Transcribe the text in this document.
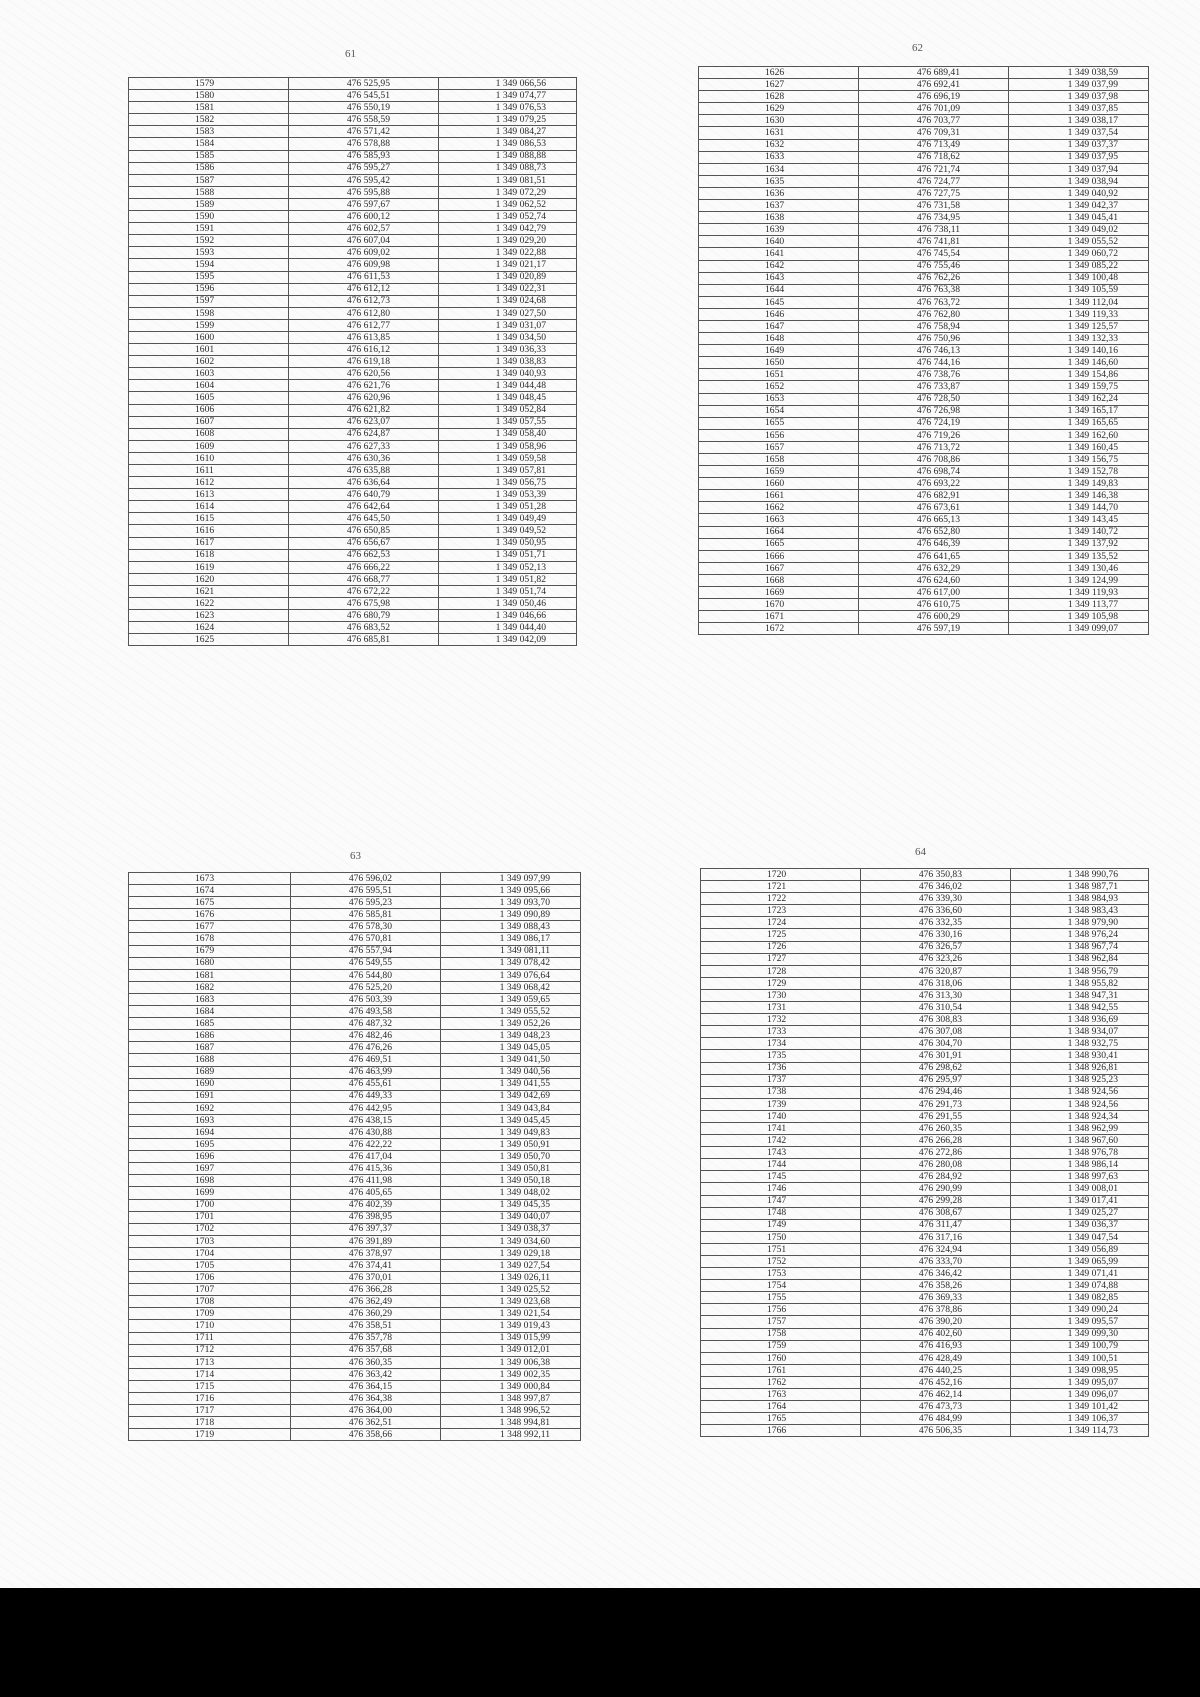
61
1579	476 525,95	1 349 066,56
1580	476 545,51	1 349 074,77
1581	476 550,19	1 349 076,53
1582	476 558,59	1 349 079,25
1583	476 571,42	1 349 084,27
1584	476 578,88	1 349 086,53
1585	476 585,93	1 349 088,88
1586	476 595,27	1 349 088,73
1587	476 595,42	1 349 081,51
1588	476 595,88	1 349 072,29
1589	476 597,67	1 349 062,52
1590	476 600,12	1 349 052,74
1591	476 602,57	1 349 042,79
1592	476 607,04	1 349 029,20
1593	476 609,02	1 349 022,88
1594	476 609,98	1 349 021,17
1595	476 611,53	1 349 020,89
1596	476 612,12	1 349 022,31
1597	476 612,73	1 349 024,68
1598	476 612,80	1 349 027,50
1599	476 612,77	1 349 031,07
1600	476 613,85	1 349 034,50
1601	476 616,12	1 349 036,33
1602	476 619,18	1 349 038,83
1603	476 620,56	1 349 040,93
1604	476 621,76	1 349 044,48
1605	476 620,96	1 349 048,45
1606	476 621,82	1 349 052,84
1607	476 623,07	1 349 057,55
1608	476 624,87	1 349 058,40
1609	476 627,33	1 349 058,96
1610	476 630,36	1 349 059,58
1611	476 635,88	1 349 057,81
1612	476 636,64	1 349 056,75
1613	476 640,79	1 349 053,39
1614	476 642,64	1 349 051,28
1615	476 645,50	1 349 049,49
1616	476 650,85	1 349 049,52
1617	476 656,67	1 349 050,95
1618	476 662,53	1 349 051,71
1619	476 666,22	1 349 052,13
1620	476 668,77	1 349 051,82
1621	476 672,22	1 349 051,74
1622	476 675,98	1 349 050,46
1623	476 680,79	1 349 046,66
1624	476 683,52	1 349 044,40
1625	476 685,81	1 349 042,09
62
1626	476 689,41	1 349 038,59
1627	476 692,41	1 349 037,99
1628	476 696,19	1 349 037,98
1629	476 701,09	1 349 037,85
1630	476 703,77	1 349 038,17
1631	476 709,31	1 349 037,54
1632	476 713,49	1 349 037,37
1633	476 718,62	1 349 037,95
1634	476 721,74	1 349 037,94
1635	476 724,77	1 349 038,94
1636	476 727,75	1 349 040,92
1637	476 731,58	1 349 042,37
1638	476 734,95	1 349 045,41
1639	476 738,11	1 349 049,02
1640	476 741,81	1 349 055,52
1641	476 745,54	1 349 060,72
1642	476 755,46	1 349 085,22
1643	476 762,26	1 349 100,48
1644	476 763,38	1 349 105,59
1645	476 763,72	1 349 112,04
1646	476 762,80	1 349 119,33
1647	476 758,94	1 349 125,57
1648	476 750,96	1 349 132,33
1649	476 746,13	1 349 140,16
1650	476 744,16	1 349 146,60
1651	476 738,76	1 349 154,86
1652	476 733,87	1 349 159,75
1653	476 728,50	1 349 162,24
1654	476 726,98	1 349 165,17
1655	476 724,19	1 349 165,65
1656	476 719,26	1 349 162,60
1657	476 713,72	1 349 160,45
1658	476 708,86	1 349 156,75
1659	476 698,74	1 349 152,78
1660	476 693,22	1 349 149,83
1661	476 682,91	1 349 146,38
1662	476 673,61	1 349 144,70
1663	476 665,13	1 349 143,45
1664	476 652,80	1 349 140,72
1665	476 646,39	1 349 137,92
1666	476 641,65	1 349 135,52
1667	476 632,29	1 349 130,46
1668	476 624,60	1 349 124,99
1669	476 617,00	1 349 119,93
1670	476 610,75	1 349 113,77
1671	476 600,29	1 349 105,98
1672	476 597,19	1 349 099,07
63
1673	476 596,02	1 349 097,99
1674	476 595,51	1 349 095,66
1675	476 595,23	1 349 093,70
1676	476 585,81	1 349 090,89
1677	476 578,30	1 349 088,43
1678	476 570,81	1 349 086,17
1679	476 557,94	1 349 081,11
1680	476 549,55	1 349 078,42
1681	476 544,80	1 349 076,64
1682	476 525,20	1 349 068,42
1683	476 503,39	1 349 059,65
1684	476 493,58	1 349 055,52
1685	476 487,32	1 349 052,26
1686	476 482,46	1 349 048,23
1687	476 476,26	1 349 045,05
1688	476 469,51	1 349 041,50
1689	476 463,99	1 349 040,56
1690	476 455,61	1 349 041,55
1691	476 449,33	1 349 042,69
1692	476 442,95	1 349 043,84
1693	476 438,15	1 349 045,45
1694	476 430,88	1 349 049,83
1695	476 422,22	1 349 050,91
1696	476 417,04	1 349 050,70
1697	476 415,36	1 349 050,81
1698	476 411,98	1 349 050,18
1699	476 405,65	1 349 048,02
1700	476 402,39	1 349 045,35
1701	476 398,95	1 349 040,07
1702	476 397,37	1 349 038,37
1703	476 391,89	1 349 034,60
1704	476 378,97	1 349 029,18
1705	476 374,41	1 349 027,54
1706	476 370,01	1 349 026,11
1707	476 366,28	1 349 025,52
1708	476 362,49	1 349 023,68
1709	476 360,29	1 349 021,54
1710	476 358,51	1 349 019,43
1711	476 357,78	1 349 015,99
1712	476 357,68	1 349 012,01
1713	476 360,35	1 349 006,38
1714	476 363,42	1 349 002,35
1715	476 364,15	1 349 000,84
1716	476 364,38	1 348 997,87
1717	476 364,00	1 348 996,52
1718	476 362,51	1 348 994,81
1719	476 358,66	1 348 992,11
64
1720	476 350,83	1 348 990,76
1721	476 346,02	1 348 987,71
1722	476 339,30	1 348 984,93
1723	476 336,60	1 348 983,43
1724	476 332,35	1 348 979,90
1725	476 330,16	1 348 976,24
1726	476 326,57	1 348 967,74
1727	476 323,26	1 348 962,84
1728	476 320,87	1 348 956,79
1729	476 318,06	1 348 955,82
1730	476 313,30	1 348 947,31
1731	476 310,54	1 348 942,55
1732	476 308,83	1 348 936,69
1733	476 307,08	1 348 934,07
1734	476 304,70	1 348 932,75
1735	476 301,91	1 348 930,41
1736	476 298,62	1 348 926,81
1737	476 295,97	1 348 925,23
1738	476 294,46	1 348 924,56
1739	476 291,73	1 348 924,56
1740	476 291,55	1 348 924,34
1741	476 260,35	1 348 962,99
1742	476 266,28	1 348 967,60
1743	476 272,86	1 348 976,78
1744	476 280,08	1 348 986,14
1745	476 284,92	1 348 997,63
1746	476 290,99	1 349 008,01
1747	476 299,28	1 349 017,41
1748	476 308,67	1 349 025,27
1749	476 311,47	1 349 036,37
1750	476 317,16	1 349 047,54
1751	476 324,94	1 349 056,89
1752	476 333,70	1 349 065,99
1753	476 346,42	1 349 071,41
1754	476 358,26	1 349 074,88
1755	476 369,33	1 349 082,85
1756	476 378,86	1 349 090,24
1757	476 390,20	1 349 095,57
1758	476 402,60	1 349 099,30
1759	476 416,93	1 349 100,79
1760	476 428,49	1 349 100,51
1761	476 440,25	1 349 098,95
1762	476 452,16	1 349 095,07
1763	476 462,14	1 349 096,07
1764	476 473,73	1 349 101,42
1765	476 484,99	1 349 106,37
1766	476 506,35	1 349 114,73
